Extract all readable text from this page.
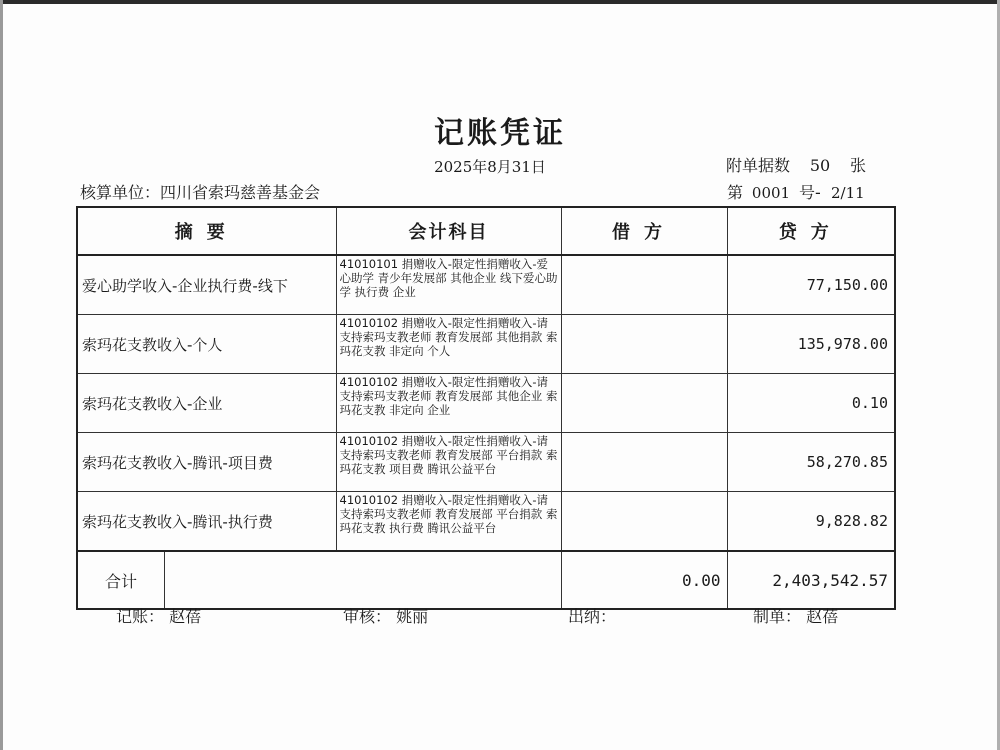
记账凭证
2025年8月31日	附单据数 50 张
核算单位：四川省索玛慈善基金会	第 0001 号- 2/11
摘要	会计科目	借方	贷方
爱心助学收入-企业执行费-线下	41010101 捐赠收入-限定性捐赠收入-爱心助学 青少年发展部 其他企业 线下爱心助学 执行费 企业		77,150.00
索玛花支教收入-个人	41010102 捐赠收入-限定性捐赠收入-请支持索玛支教老师 教育发展部 其他捐款 索玛花支教 非定向 个人		135,978.00
索玛花支教收入-企业	41010102 捐赠收入-限定性捐赠收入-请支持索玛支教老师 教育发展部 其他企业 索玛花支教 非定向 企业		0.10
索玛花支教收入-腾讯-项目费	41010102 捐赠收入-限定性捐赠收入-请支持索玛支教老师 教育发展部 平台捐款 索玛花支教 项目费 腾讯公益平台		58,270.85
索玛花支教收入-腾讯-执行费	41010102 捐赠收入-限定性捐赠收入-请支持索玛支教老师 教育发展部 平台捐款 索玛花支教 执行费 腾讯公益平台		9,828.82

合计		0.00	2,403,542.57
记账： 赵蓓	审核： 姚丽	出纳：	制单： 赵蓓
